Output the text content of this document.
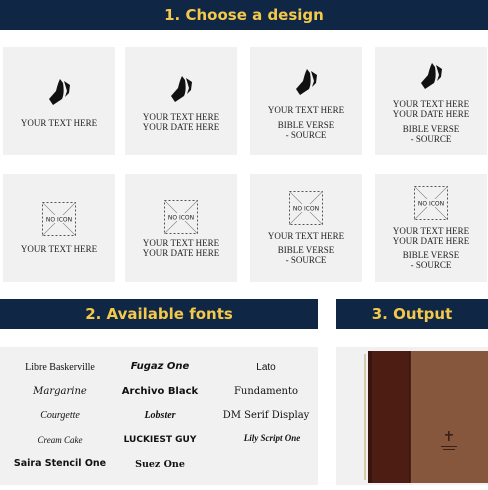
1. Choose a design
YOUR TEXT HERE
YOUR TEXT HERE
YOUR DATE HERE
YOUR TEXT HERE
BIBLE VERSE
- SOURCE
YOUR TEXT HERE
YOUR DATE HERE
BIBLE VERSE
- SOURCE
NO ICON
YOUR TEXT HERE
NO ICON
YOUR TEXT HERE
YOUR DATE HERE
NO ICON
YOUR TEXT HERE
BIBLE VERSE
- SOURCE
NO ICON
YOUR TEXT HERE
YOUR DATE HERE
BIBLE VERSE
- SOURCE
2. Available fonts	3. Output
Libre Baskerville	Fugaz One	Lato
Margarine	Archivo Black	Fundamento
Courgette	Lobster	DM Serif Display
Cream Cake	LUCKIEST GUY	Lily Script One
Saira Stencil One	Suez One
